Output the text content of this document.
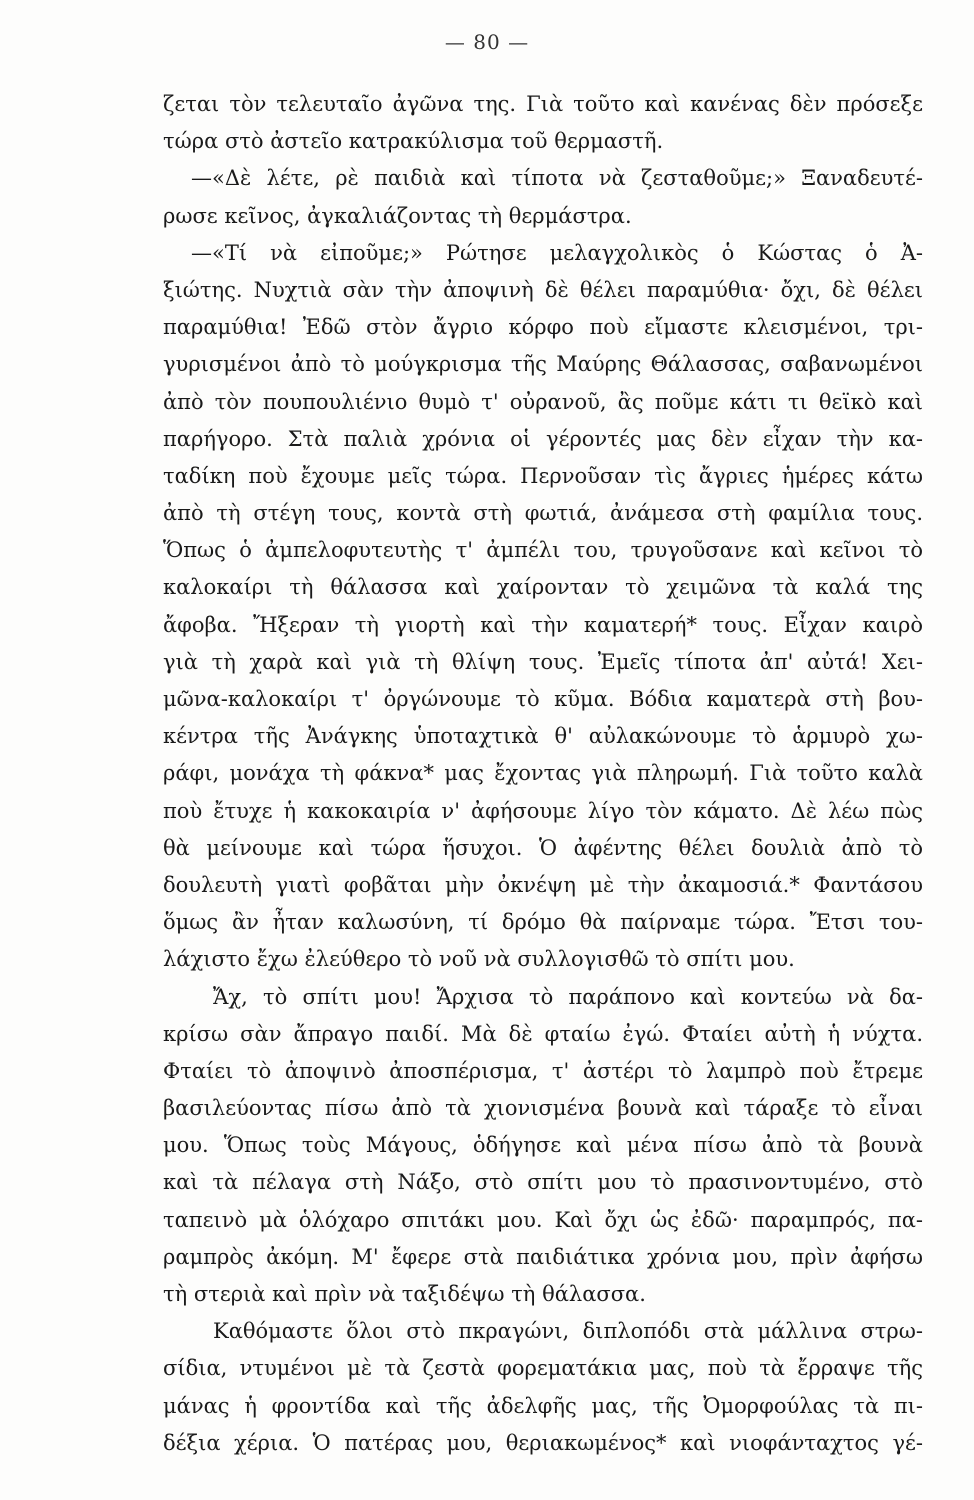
— 80 —
ζεται τὸν τελευταῖο ἀγῶνα της. Γιὰ τοῦτο καὶ κανένας δὲν πρόσεξε
τώρα στὸ ἀστεῖο κατρακύλισμα τοῦ θερμαστῆ.
—«Δὲ λέτε, ρὲ παιδιὰ καὶ τίποτα νὰ ζεσταθοῦμε;» Ξαναδευτέ-
ρωσε κεῖνος, ἀγκαλιάζοντας τὴ θερμάστρα.
—«Τί νὰ εἰποῦμε;» Ρώτησε μελαγχολικὸς ὁ Κώστας ὁ Ἀ-
ξιώτης. Νυχτιὰ σὰν τὴν ἀποψινὴ δὲ θέλει παραμύθια· ὄχι, δὲ θέλει
παραμύθια! Ἐδῶ στὸν ἄγριο κόρφο ποὺ εἴμαστε κλεισμένοι, τρι-
γυρισμένοι ἀπὸ τὸ μούγκρισμα τῆς Μαύρης Θάλασσας, σαβανωμένοι
ἀπὸ τὸν πουπουλιένιο θυμὸ τ' οὐρανοῦ, ἂς ποῦμε κάτι τι θεϊκὸ καὶ
παρήγορο. Στὰ παλιὰ χρόνια οἱ γέροντές μας δὲν εἶχαν τὴν κα-
ταδίκη ποὺ ἔχουμε μεῖς τώρα. Περνοῦσαν τὶς ἄγριες ἡμέρες κάτω
ἀπὸ τὴ στέγη τους, κοντὰ στὴ φωτιά, ἀνάμεσα στὴ φαμίλια τους.
Ὅπως ὁ ἀμπελοφυτευτὴς τ' ἀμπέλι του, τρυγοῦσανε καὶ κεῖνοι τὸ
καλοκαίρι τὴ θάλασσα καὶ χαίρονταν τὸ χειμῶνα τὰ καλά της
ἄφοβα. Ἤξεραν τὴ γιορτὴ καὶ τὴν καματερή* τους. Εἶχαν καιρὸ
γιὰ τὴ χαρὰ καὶ γιὰ τὴ θλίψη τους. Ἐμεῖς τίποτα ἀπ' αὐτά! Χει-
μῶνα-καλοκαίρι τ' ὀργώνουμε τὸ κῦμα. Βόδια καματερὰ στὴ βου-
κέντρα τῆς Ἀνάγκης ὑποταχτικὰ θ' αὐλακώνουμε τὸ ἁρμυρὸ χω-
ράφι, μονάχα τὴ φάκνα* μας ἔχοντας γιὰ πληρωμή. Γιὰ τοῦτο καλὰ
ποὺ ἔτυχε ἡ κακοκαιρία ν' ἀφήσουμε λίγο τὸν κάματο. Δὲ λέω πὼς
θὰ μείνουμε καὶ τώρα ἥσυχοι. Ὁ ἀφέντης θέλει δουλιὰ ἀπὸ τὸ
δουλευτὴ γιατὶ φοβᾶται μὴν ὀκνέψη μὲ τὴν ἀκαμοσιά.* Φαντάσου
ὅμως ἂν ἦταν καλωσύνη, τί δρόμο θὰ παίρναμε τώρα. Ἔτσι του-
λάχιστο ἔχω ἐλεύθερο τὸ νοῦ νὰ συλλογισθῶ τὸ σπίτι μου.
Ἄχ, τὸ σπίτι μου! Ἄρχισα τὸ παράπονο καὶ κοντεύω νὰ δα-
κρίσω σὰν ἄπραγο παιδί. Μὰ δὲ φταίω ἐγώ. Φταίει αὐτὴ ἡ νύχτα.
Φταίει τὸ ἀποψινὸ ἀποσπέρισμα, τ' ἀστέρι τὸ λαμπρὸ ποὺ ἔτρεμε
βασιλεύοντας πίσω ἀπὸ τὰ χιονισμένα βουνὰ καὶ τάραξε τὸ εἶναι
μου. Ὅπως τοὺς Μάγους, ὁδήγησε καὶ μένα πίσω ἀπὸ τὰ βουνὰ
καὶ τὰ πέλαγα στὴ Νάξο, στὸ σπίτι μου τὸ πρασινοντυμένο, στὸ
ταπεινὸ μὰ ὁλόχαρο σπιτάκι μου. Καὶ ὄχι ὡς ἐδῶ· παραμπρός, πα-
ραμπρὸς ἀκόμη. Μ' ἔφερε στὰ παιδιάτικα χρόνια μου, πρὶν ἀφήσω
τὴ στεριὰ καὶ πρὶν νὰ ταξιδέψω τὴ θάλασσα.
Καθόμαστε ὅλοι στὸ πκραγώνι, διπλοπόδι στὰ μάλλινα στρω-
σίδια, ντυμένοι μὲ τὰ ζεστὰ φορεματάκια μας, ποὺ τὰ ἔρραψε τῆς
μάνας ἡ φροντίδα καὶ τῆς ἀδελφῆς μας, τῆς Ὀμορφούλας τὰ πι-
δέξια χέρια. Ὁ πατέρας μου, θεριακωμένος* καὶ νιοφάνταχτος γέ-
